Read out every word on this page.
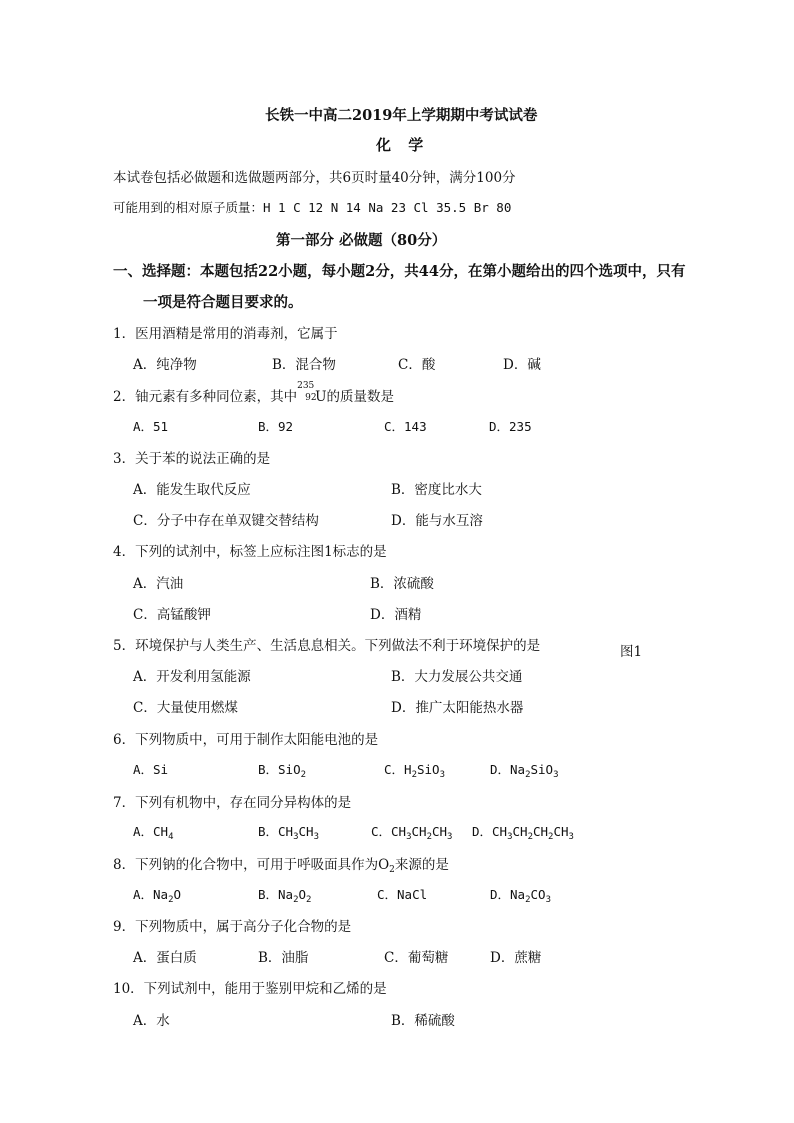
长铁一中高二2019年上学期期中考试试卷
化 学
本试卷包括必做题和选做题两部分，共6页时量40分钟，满分100分
可能用到的相对原子质量：H 1 C 12 N 14 Na 23 Cl 35.5 Br 80
第一部分 必做题（80分）
一、选择题：本题包括22小题，每小题2分，共44分，在第小题给出的四个选项中，只有
一项是符合题目要求的。
1．医用酒精是常用的消毒剂，它属于
A．纯净物	B．混合物	C．酸	D．碱
2．铀元素有多种同位素，其中
235
92
U的质量数是
A．51	B．92	C．143	D．235
3．关于苯的说法正确的是
A．能发生取代反应	B．密度比水大
C．分子中存在单双键交替结构	D．能与水互溶
4．下列的试剂中，标签上应标注图1标志的是
A．汽油	B．浓硫酸
C．高锰酸钾	D．酒精
5．环境保护与人类生产、生活息息相关。下列做法不利于环境保护的是	图1
A．开发利用氢能源	B．大力发展公共交通
C．大量使用燃煤	D．推广太阳能热水器
6．下列物质中，可用于制作太阳能电池的是
A．Si	B．SiO$_2$	C．$H_2SiO_3$	D．$Na_2SiO_3$
7．下列有机物中，存在同分异构体的是
A．$CH_4$	B．$CH_3CH_3$	C．$CH_3CH_2CH_3$ D．$CH_3CH_2CH_2CH_3$
8．下列钠的化合物中，可用于呼吸面具作为$O_2$来源的是
A．$Na_2O$	B．$Na_2O_2$	C．NaCl	D．$Na_2CO_3$
9．下列物质中，属于高分子化合物的是
A．蛋白质	B．油脂	C．葡萄糖	D．蔗糖
10．下列试剂中，能用于鉴别甲烷和乙烯的是
A．水	B．稀硫酸
